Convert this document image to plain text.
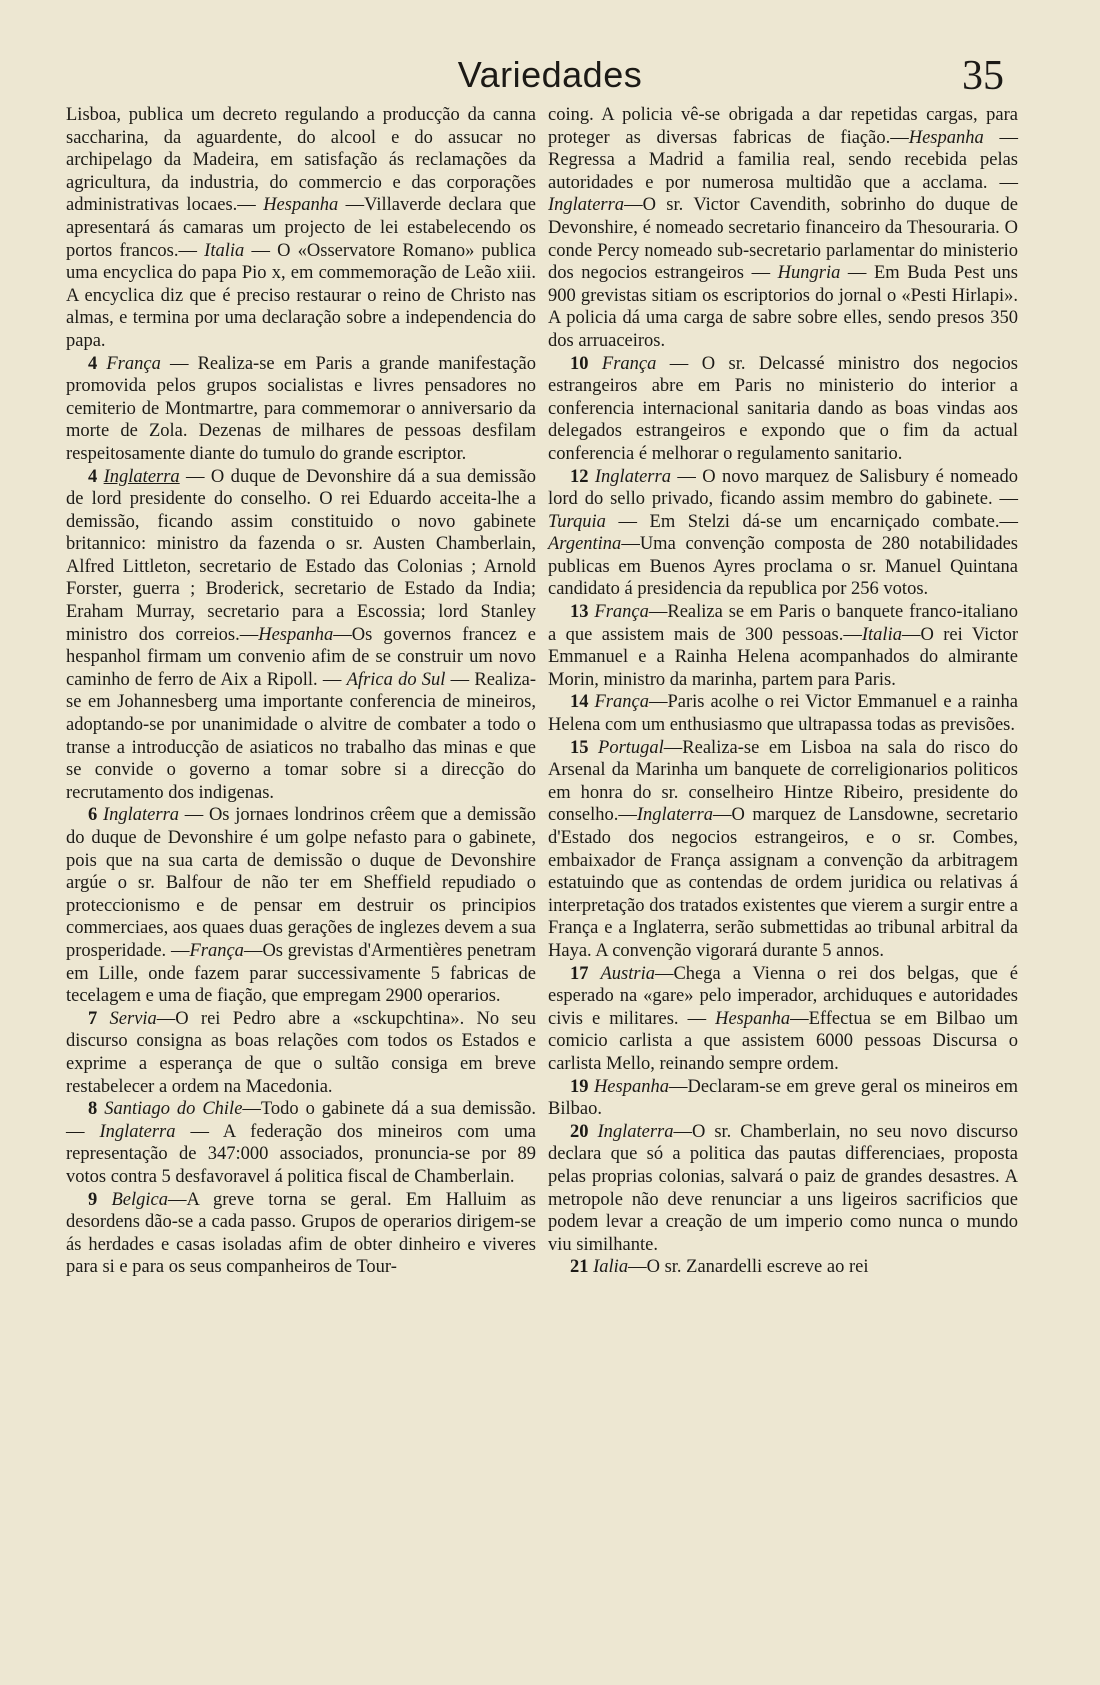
Variedades	35

Lisboa, publica um decreto regulando a producção da canna saccharina, da aguardente, do alcool e do assucar no archipelago da Madeira, em satisfação ás reclamações da agricultura, da industria, do commercio e das corporações administrativas locaes.— Hespanha —Villaverde declara que apresentará ás camaras um projecto de lei estabelecendo os portos francos.— Italia — O «Osservatore Romano» publica uma encyclica do papa Pio x, em commemoração de Leão xiii. A encyclica diz que é preciso restaurar o reino de Christo nas almas, e termina por uma declaração sobre a independencia do papa.

4 França — Realiza-se em Paris a grande manifestação promovida pelos grupos socialistas e livres pensadores no cemiterio de Montmartre, para commemorar o anniversario da morte de Zola. Dezenas de milhares de pessoas desfilam respeitosamente diante do tumulo do grande escriptor.

4 Inglaterra — O duque de Devonshire dá a sua demissão de lord presidente do conselho. O rei Eduardo acceita-lhe a demissão, ficando assim constituido o novo gabinete britannico: ministro da fazenda o sr. Austen Chamberlain, Alfred Littleton, secretario de Estado das Colonias ; Arnold Forster, guerra ; Broderick, secretario de Estado da India; Eraham Murray, secretario para a Escossia; lord Stanley ministro dos correios.—Hespanha—Os governos francez e hespanhol firmam um convenio afim de se construir um novo caminho de ferro de Aix a Ripoll. — Africa do Sul — Realiza-se em Johannesberg uma importante conferencia de mineiros, adoptando-se por unanimidade o alvitre de combater a todo o transe a introducção de asiaticos no trabalho das minas e que se convide o governo a tomar sobre si a direcção do recrutamento dos indigenas.

6 Inglaterra — Os jornaes londrinos crêem que a demissão do duque de Devonshire é um golpe nefasto para o gabinete, pois que na sua carta de demissão o duque de Devonshire argúe o sr. Balfour de não ter em Sheffield repudiado o proteccionismo e de pensar em destruir os principios commerciaes, aos quaes duas gerações de inglezes devem a sua prosperidade. —França—Os grevistas d'Armentières penetram em Lille, onde fazem parar successivamente 5 fabricas de tecelagem e uma de fiação, que empregam 2900 operarios.

7 Servia—O rei Pedro abre a «sckupchtina». No seu discurso consigna as boas relações com todos os Estados e exprime a esperança de que o sultão consiga em breve restabelecer a ordem na Macedonia.

8 Santiago do Chile—Todo o gabinete dá a sua demissão. — Inglaterra — A federação dos mineiros com uma representação de 347:000 associados, pronuncia-se por 89 votos contra 5 desfavoravel á politica fiscal de Chamberlain.

9 Belgica—A greve torna se geral. Em Halluim as desordens dão-se a cada passo. Grupos de operarios dirigem-se ás herdades e casas isoladas afim de obter dinheiro e viveres para si e para os seus companheiros de Tour-

coing. A policia vê-se obrigada a dar repetidas cargas, para proteger as diversas fabricas de fiação.—Hespanha — Regressa a Madrid a familia real, sendo recebida pelas autoridades e por numerosa multidão que a acclama. — Inglaterra—O sr. Victor Cavendith, sobrinho do duque de Devonshire, é nomeado secretario financeiro da Thesouraria. O conde Percy nomeado sub-secretario parlamentar do ministerio dos negocios estrangeiros — Hungria — Em Buda Pest uns 900 grevistas sitiam os escriptorios do jornal o «Pesti Hirlapi». A policia dá uma carga de sabre sobre elles, sendo presos 350 dos arruaceiros.

10 França — O sr. Delcassé ministro dos negocios estrangeiros abre em Paris no ministerio do interior a conferencia internacional sanitaria dando as boas vindas aos delegados estrangeiros e expondo que o fim da actual conferencia é melhorar o regulamento sanitario.

12 Inglaterra — O novo marquez de Salisbury é nomeado lord do sello privado, ficando assim membro do gabinete. — Turquia — Em Stelzi dá-se um encarniçado combate.—Argentina—Uma convenção composta de 280 notabilidades publicas em Buenos Ayres proclama o sr. Manuel Quintana candidato á presidencia da republica por 256 votos.

13 França—Realiza se em Paris o banquete franco-italiano a que assistem mais de 300 pessoas.—Italia—O rei Victor Emmanuel e a Rainha Helena acompanhados do almirante Morin, ministro da marinha, partem para Paris.

14 França—Paris acolhe o rei Victor Emmanuel e a rainha Helena com um enthusiasmo que ultrapassa todas as previsões.

15 Portugal—Realiza-se em Lisboa na sala do risco do Arsenal da Marinha um banquete de correligionarios politicos em honra do sr. conselheiro Hintze Ribeiro, presidente do conselho.—Inglaterra—O marquez de Lansdowne, secretario d'Estado dos negocios estrangeiros, e o sr. Combes, embaixador de França assignam a convenção da arbitragem estatuindo que as contendas de ordem juridica ou relativas á interpretação dos tratados existentes que vierem a surgir entre a França e a Inglaterra, serão submettidas ao tribunal arbitral da Haya. A convenção vigorará durante 5 annos.

17 Austria—Chega a Vienna o rei dos belgas, que é esperado na «gare» pelo imperador, archiduques e autoridades civis e militares. — Hespanha—Effectua se em Bilbao um comicio carlista a que assistem 6000 pessoas Discursa o carlista Mello, reinando sempre ordem.

19 Hespanha—Declaram-se em greve geral os mineiros em Bilbao.

20 Inglaterra—O sr. Chamberlain, no seu novo discurso declara que só a politica das pautas differenciaes, proposta pelas proprias colonias, salvará o paiz de grandes desastres. A metropole não deve renunciar a uns ligeiros sacrificios que podem levar a creação de um imperio como nunca o mundo viu similhante.

21 Ialia—O sr. Zanardelli escreve ao rei
